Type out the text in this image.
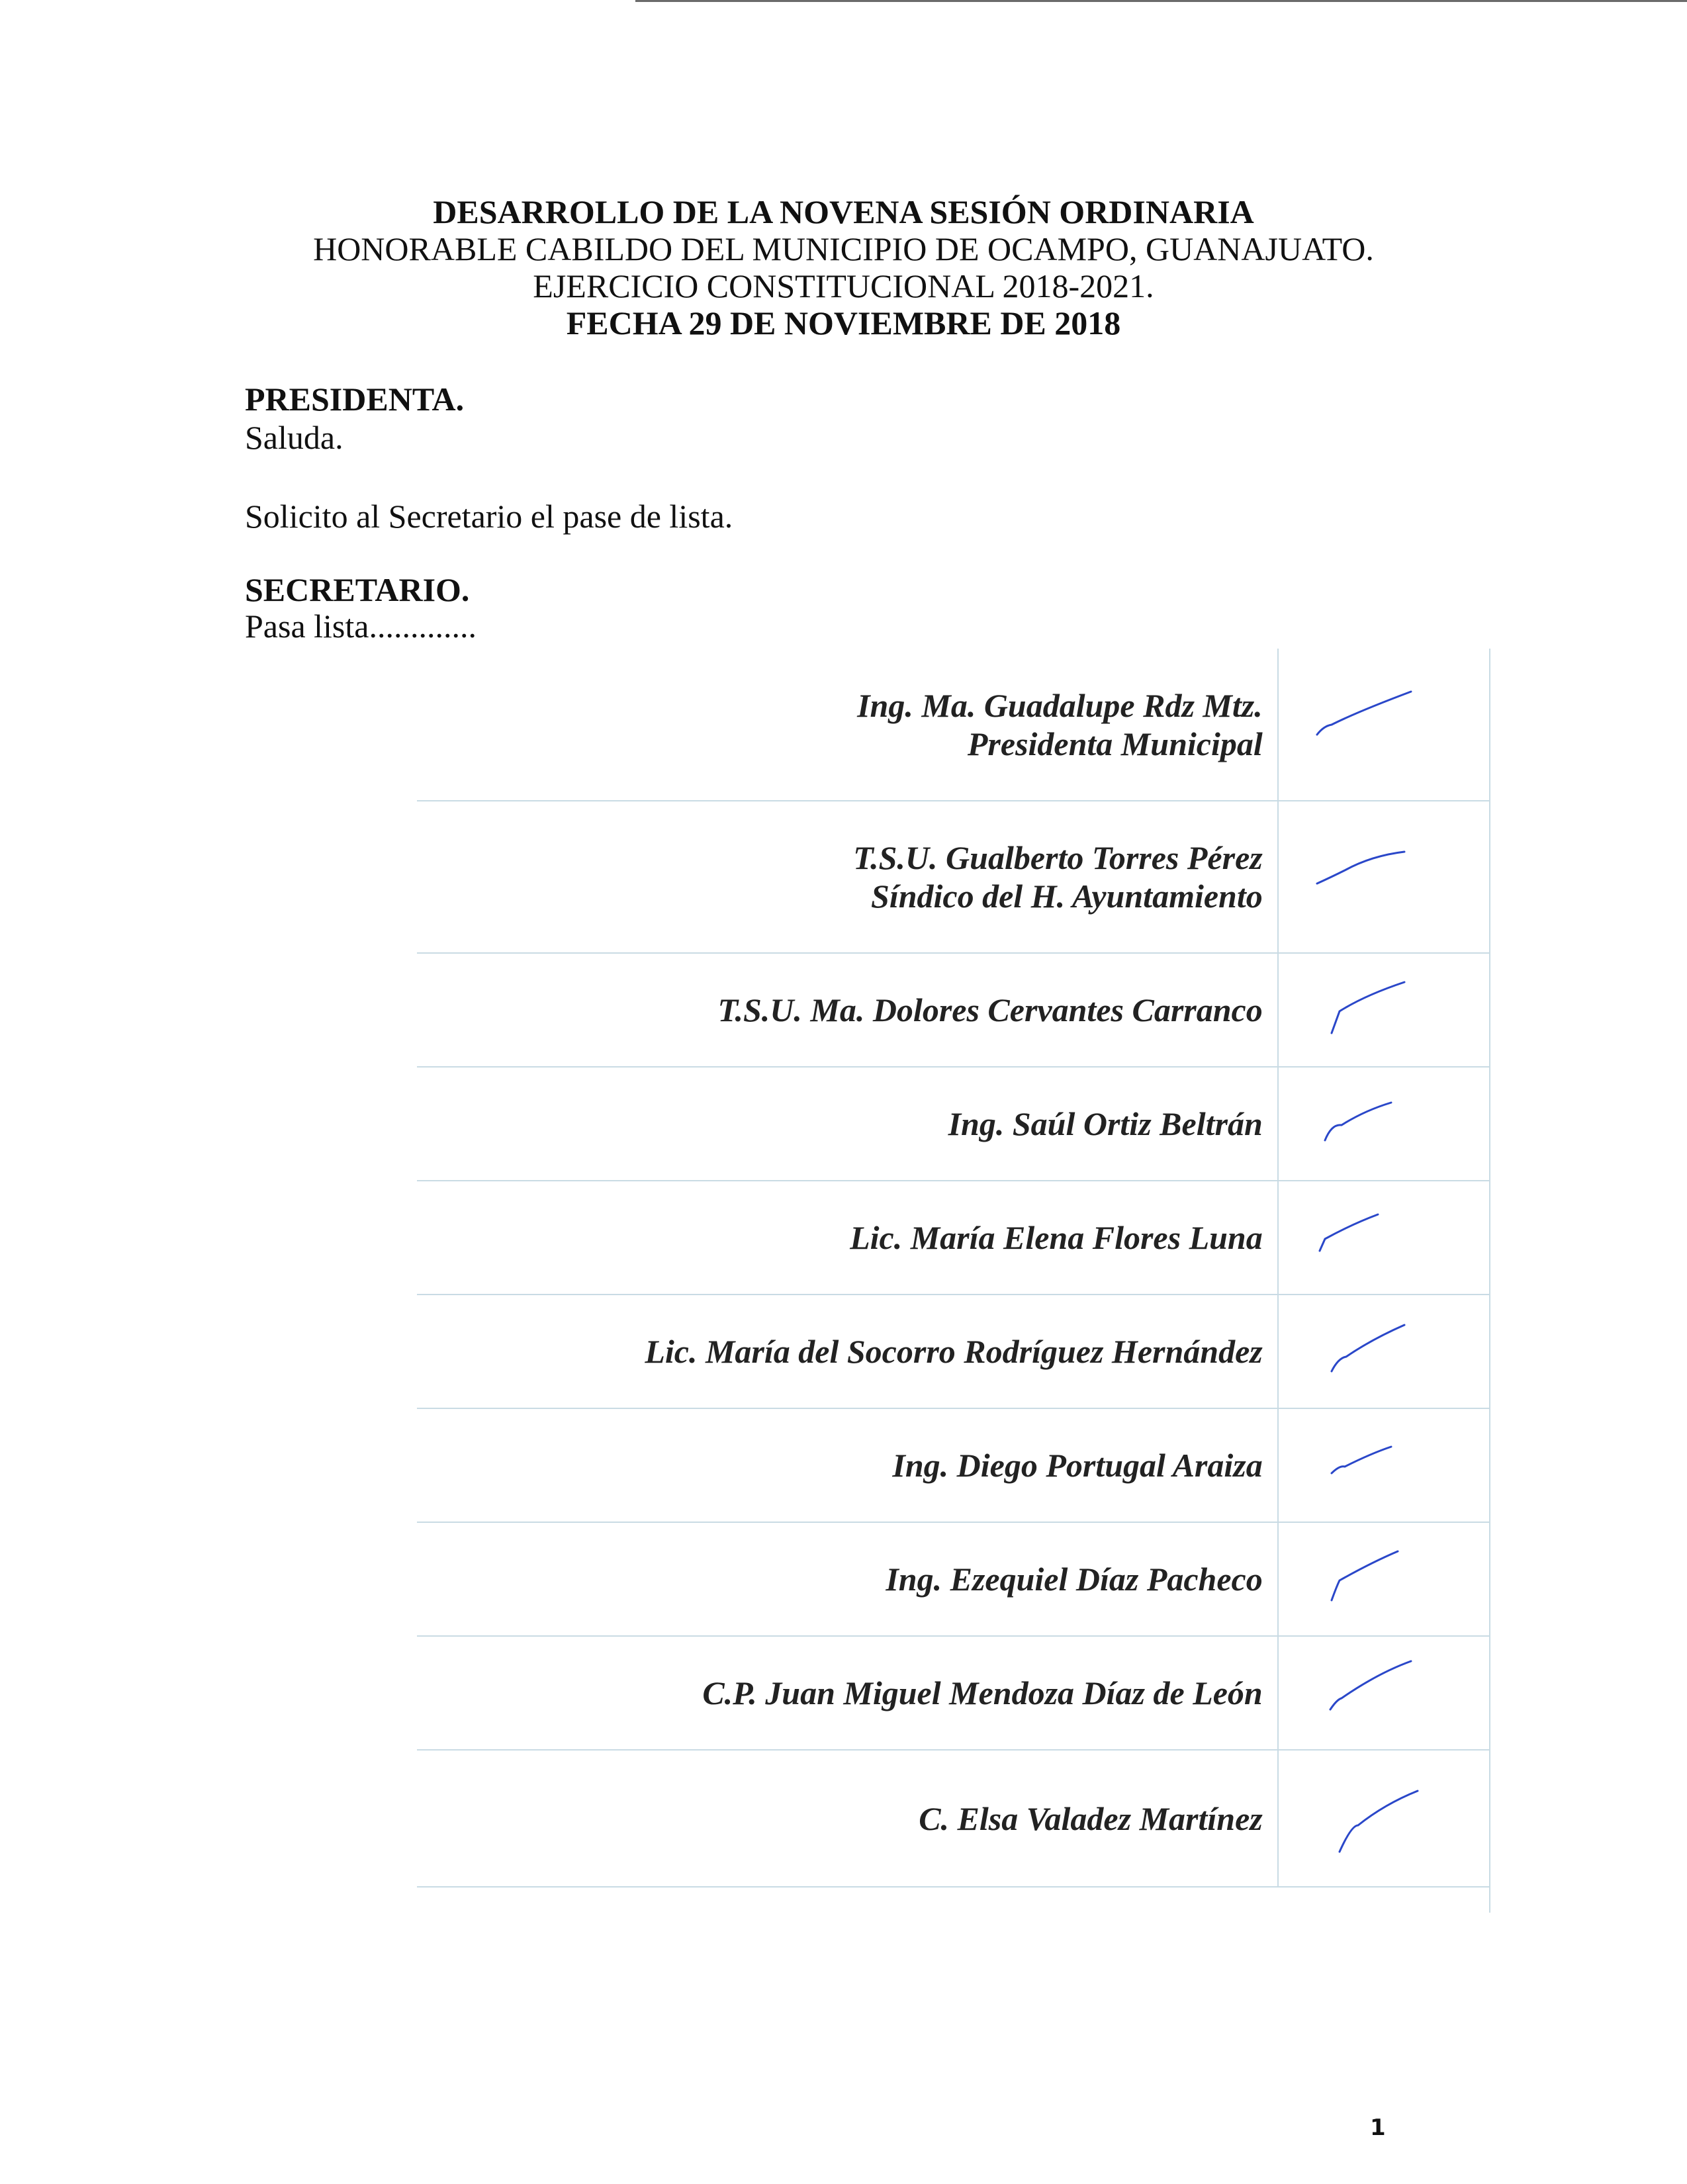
DESARROLLO DE LA NOVENA SESIÓN ORDINARIA
HONORABLE CABILDO DEL MUNICIPIO DE OCAMPO, GUANAJUATO.
EJERCICIO CONSTITUCIONAL 2018-2021.
FECHA 29 DE NOVIEMBRE DE 2018
PRESIDENTA.
Saluda.
Solicito al Secretario el pase de lista.
SECRETARIO.
Pasa lista.............
Ing. Ma. Guadalupe Rdz Mtz.
Presidenta Municipal

T.S.U. Gualberto Torres Pérez
Síndico del H. Ayuntamiento

T.S.U. Ma. Dolores Cervantes Carranco

Ing. Saúl Ortiz Beltrán

Lic. María Elena Flores Luna

Lic. María del Socorro Rodríguez Hernández

Ing. Diego Portugal Araiza

Ing. Ezequiel Díaz Pacheco

C.P. Juan Miguel Mendoza Díaz de León

C. Elsa Valadez Martínez

1
